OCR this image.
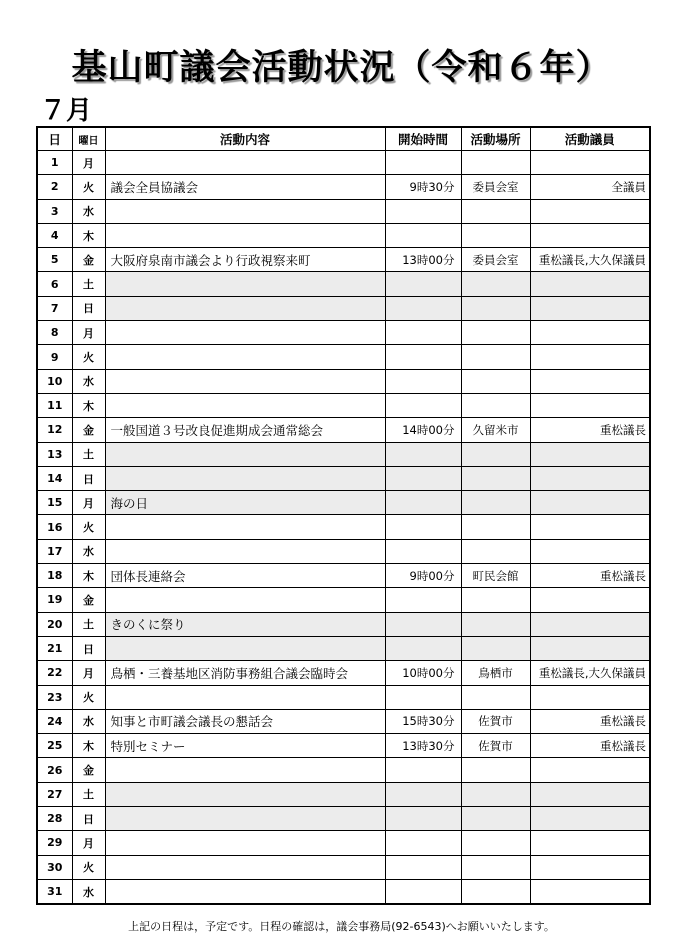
基山町議会活動状況（令和６年）
７月
日	曜日	活動内容	開始時間	活動場所	活動議員
1	月				
2	火	議会全員協議会	9時30分	委員会室	全議員
3	水				
4	木				
5	金	大阪府泉南市議会より行政視察来町	13時00分	委員会室	重松議長,大久保議員
6	土				
7	日				
8	月				
9	火				
10	水				
11	木				
12	金	一般国道３号改良促進期成会通常総会	14時00分	久留米市	重松議長
13	土				
14	日				
15	月	海の日			
16	火				
17	水				
18	木	団体長連絡会	9時00分	町民会館	重松議長
19	金				
20	土	きのくに祭り			
21	日				
22	月	鳥栖・三養基地区消防事務組合議会臨時会	10時00分	鳥栖市	重松議長,大久保議員
23	火				
24	水	知事と市町議会議長の懇話会	15時30分	佐賀市	重松議長
25	木	特別セミナー	13時30分	佐賀市	重松議長
26	金				
27	土				
28	日				
29	月				
30	火				
31	水				
上記の日程は，予定です。日程の確認は，議会事務局(92-6543)へお願いいたします。
